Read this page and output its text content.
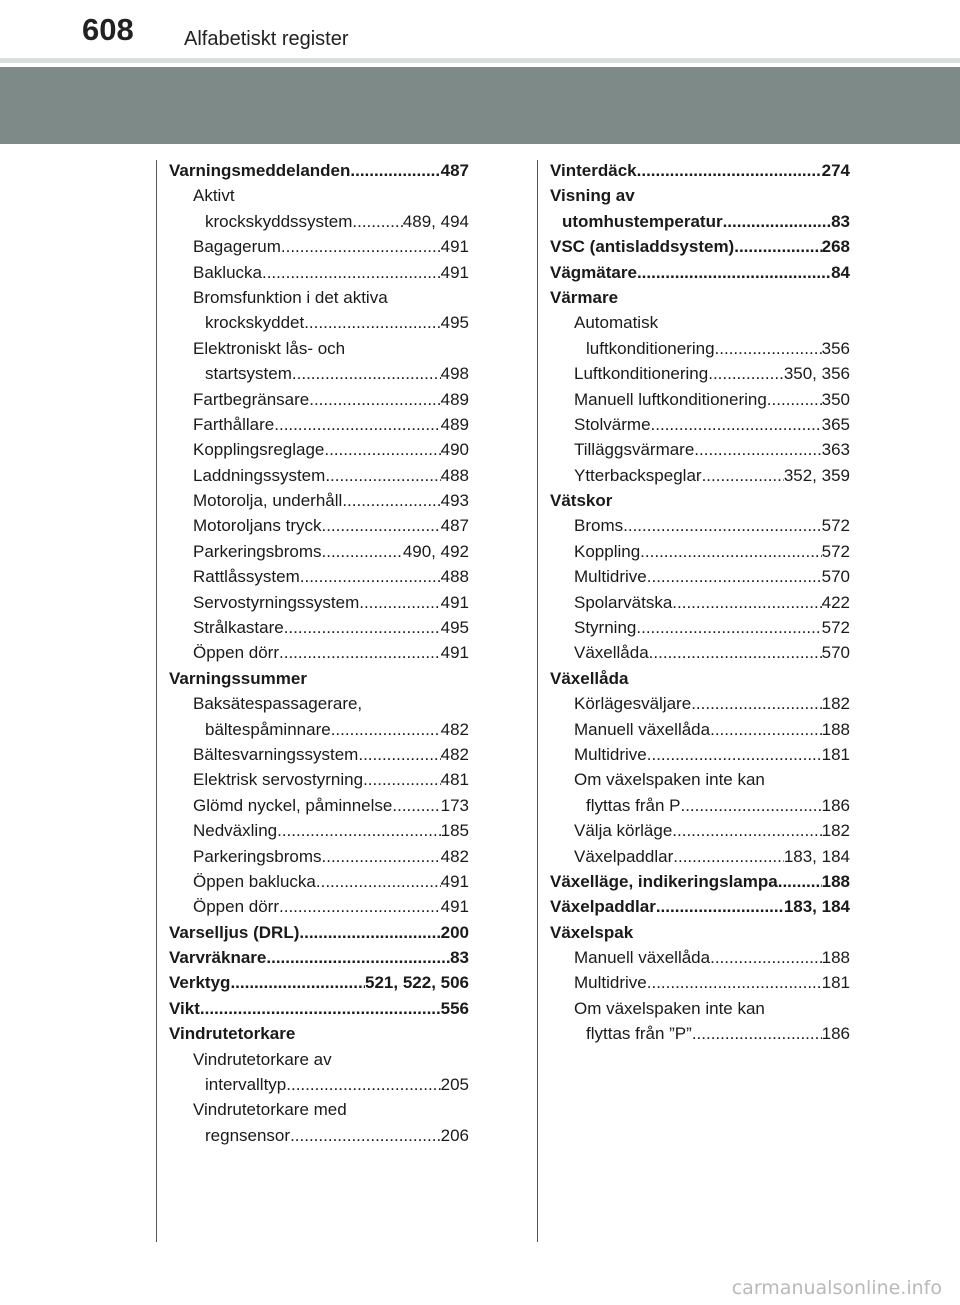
608	Alfabetiskt register
Varningsmeddelanden .....	487
Aktivt
krockskyddssystem .....	489, 494
Bagagerum .....	491
Baklucka .....	491
Bromsfunktion i det aktiva
krockskyddet .....	495
Elektroniskt lås- och
startsystem .....	498
Fartbegränsare .....	489
Farthållare .....	489
Kopplingsreglage .....	490
Laddningssystem .....	488
Motorolja, underhåll .....	493
Motoroljans tryck .....	487
Parkeringsbroms .....	490, 492
Rattlåssystem .....	488
Servostyrningssystem .....	491
Strålkastare .....	495
Öppen dörr .....	491
Varningssummer
Baksätespassagerare,
bältespåminnare .....	482
Bältesvarningssystem .....	482
Elektrisk servostyrning .....	481
Glömd nyckel, påminnelse .....	173
Nedväxling .....	185
Parkeringsbroms .....	482
Öppen baklucka .....	491
Öppen dörr .....	491
Varselljus (DRL) .....	200
Varvräknare .....	83
Verktyg .....	521, 522, 506
Vikt .....	556
Vindrutetorkare
Vindrutetorkare av
intervalltyp .....	205
Vindrutetorkare med
regnsensor .....	206
Vinterdäck .....	274
Visning av
utomhustemperatur .....	83
VSC (antisladdsystem) .....	268
Vägmätare .....	84
Värmare
Automatisk
luftkonditionering .....	356
Luftkonditionering .....	350, 356
Manuell luftkonditionering .....	350
Stolvärme .....	365
Tilläggsvärmare .....	363
Ytterbackspeglar .....	352, 359
Vätskor
Broms .....	572
Koppling .....	572
Multidrive .....	570
Spolarvätska .....	422
Styrning .....	572
Växellåda .....	570
Växellåda
Körlägesväljare .....	182
Manuell växellåda .....	188
Multidrive .....	181
Om växelspaken inte kan
flyttas från P .....	186
Välja körläge .....	182
Växelpaddlar .....	183, 184
Växelläge, indikeringslampa .....	188
Växelpaddlar .....	183, 184
Växelspak
Manuell växellåda .....	188
Multidrive .....	181
Om växelspaken inte kan
flyttas från ”P” .....	186
carmanualsonline.info
